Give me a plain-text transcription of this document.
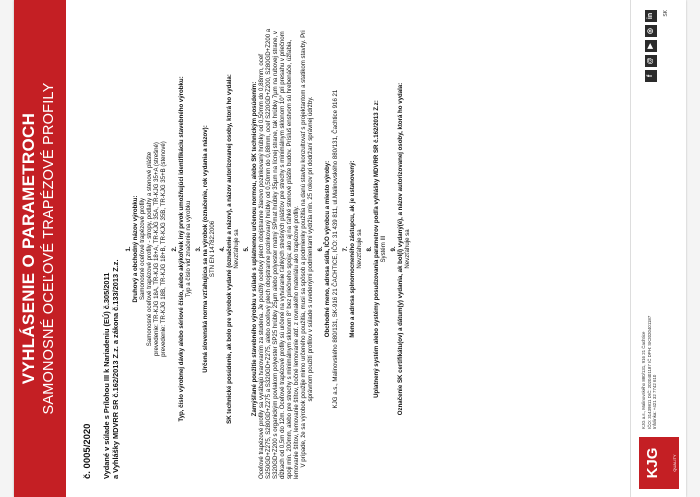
VYHLÁSENIE O PARAMETROCH SAMONOSNÉ OCEĽOVÉ TRAPÉZOVÉ PROFILY
č. 0005/2020 Vydané v súlade s Prílohou III k Nariadeniu (EÚ) č.305/2011 a Vyhlášky MDVRR SR č.162/2013 Z.z. a zákona č.133/2013 Z.z.
1. Druhový a obchodný názov výrobku: Samonosné oceľové trapézové profily Samonosné oceľové trapézové profily - stropy, podlahy a stenové plášte prevedenie: TR-KJG 18A, TR-KJG 18+A, TR-KJG 35A, TR-KJG 35+A (strešné) prevedenie: TR-KJG 18B, TR-KJG 18+B, TR-KJG 35B, TR-KJG 35+B (stenové) 2. Typ, číslo výrobnej dávky alebo sériové číslo, alebo akýkoľvek iný prvok umožňujúci identifikáciu stavebného výrobku: Typ a číslo viď značenie na výrobku 3. Určená slovenská norma vzťahujúca sa na výrobok (označenie, rok vydania a názov): STN EN 14782:2006 4. SK technické posúdenie, ak bolo pre výrobok vydané (označenie a názov), a názov autorizovanej osoby, ktorá ho vydala: Nevzťahuje sa 5. Zamýšľané použitie stavebného výrobku v súlade s uplatnenou určenou normou, alebo SK technickým posúdením: Oceľové trapézové profily sa vyrábajú tvarovaním za studena. Je použitý oceľový plech obojstranne žiarovo pozinkovaný hrúbky od 0,50mm do 0,88mm, oceľ S250GD+Z275, S280GD+Z275 a S320GD+Z275, alebo oceľový plech obojstranne pozinkovaný hrúbky od 0,50mm do 0,88mm, oceľ S220GD+Z200, S280GD+Z200 a S320GD+Z200 s organickým povlakom polyester SP25 hrúbky 25µm alebo polyester matný SPmat hrúbky 35µm na lícnej strane, tak hrúbky 7µm na rubovej strane, v dĺžkach od 0,5m do 12m. Oceľové trapézové profily sú určené na vytváranie ťahkých strešných plášťov pre strechy s minimálnym sklonom 10° pri presahu v priečnom spoji min. 200mm, alebo pre strechy s minimálnym sklonom 8° bez priečneho spoja; ako aj na ťahké stenové plášte budov. Prísluš enstvom sú hrebenáče, úžľabia, lemovanie štítov, lemovanie štítov, bočné lemovanie atď. z rovnakého materiálu ako trapézové profily. V prípade, že sa výrobok použije mimo určeného použitia, musí sa spôsob a podmienky použitia na danú stavbu konzultovať s projektantom a statikom stavby. Pri správnom použití profilov v súlade s uvedenými podmienkami vydržia min. 25 rokov pri dodržaní správnej údržby. 6. Obchodné meno, adresa sídla, IČO výrobcu a miesto výroby: KJG a.s., Malinovského 880/131, SK-916 21 ČACHTICE, IČO: 31 439 811, ul.Malinovského 880/131, Čachtice 916 21 7. Meno a adresa splnomocneného zástupcu, ak je ustanovený: Nevzťahuje sa 8. Uplatnený systém alebo systémy posudzovania parametrov podľa vyhlášky MDVRR SR č.162/2013 Z.z: Systém III 9. Označenie SK certifikátu(ov) a dátum(y) vydania, ak bol(i) vydaný(é), a názov autorizovanej osoby, ktorá ho vydala: Nevzťahuje sa
KJG	QUALITY
KJG a.s., Malinovského 880/131, 916 21 Čachtice IČO: 31439811 DIČ: 2020401187 IČ DPH: SK2020401187 Infolinka: +421 32 7742 610
f
@
▶
◎
in	SK
